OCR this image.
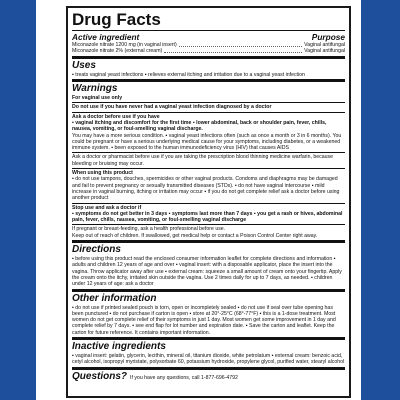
Drug Facts
Active ingredient	Purpose
Miconazole nitrate 1200 mg (in vaginal insert)	Vaginal antifungal
Miconazole nitrate 2% (external cream)	Vaginal antifungal
Uses

▪ treats vaginal yeast infections ▪ relieves external itching and irritation due to a vaginal yeast infection

Warnings

For vaginal use only

Do not use if you have never had a vaginal yeast infection diagnosed by a doctor

Ask a doctor before use if you have

▪ vaginal itching and discomfort for the first time ▪ lower abdominal, back or shoulder pain, fever, chills, nausea, vomiting, or foul-smelling vaginal discharge.

You may have a more serious condition. ▪ vaginal yeast infections often (such as once a month or 3 in 6 months). You could be pregnant or have a serious underlying medical cause for your symptoms, including diabetes, or a weakened immune system. ▪ been exposed to the human immunodeficiency virus (HIV) that causes AIDS

Ask a doctor or pharmacist before use if you are taking the prescription blood thinning medicine warfarin, because bleeding or bruising may occur.

When using this product

▪ do not use tampons, douches, spermicides or other vaginal products. Condoms and diaphragms may be damaged and fail to prevent pregnancy or sexually transmitted diseases (STDs). ▪ do not have vaginal intercourse ▪ mild increase in vaginal burning, itching or irritation may occur ▪ if you do not get complete relief ask a doctor before using another product

Stop use and ask a doctor if

▪ symptoms do not get better in 3 days ▪ symptoms last more than 7 days ▪ you get a rash or hives, abdominal pain, fever, chills, nausea, vomiting, or foul-smelling vaginal discharge

If pregnant or breast-feeding, ask a health professional before use.

Keep out of reach of children. If swallowed, get medical help or contact a Poison Control Center right away.

Directions

▪ before using this product read the enclosed consumer information leaflet for complete directions and information ▪ adults and children 12 years of age and over ▪ vaginal insert: with a disposable applicator, place the insert into the vagina. Throw applicator away after use ▪ external cream: squeeze a small amount of cream onto your fingertip. Apply the cream onto the itchy, irritated skin outside the vagina. Use 2 times daily for up to 7 days, as needed. ▪ children under 12 years of age: ask a doctor

Other information

▪ do not use if printed sealed pouch is torn, open or incompletely sealed ▪ do not use if seal over tube opening has been punctured ▪ do not purchase if carton is open ▪ store at 20°-25°C (68°-77°F) ▪ this is a 1-dose treatment. Most women do not get complete relief of their symptoms in just 1 day. Most women get some improvement in 1 day and complete relief by 7 days. ▪ see end flap for lot number and expiration date. ▪ Save the carton and leaflet. Keep the carton for future reference. It contains important information.

Inactive ingredients

▪ vaginal insert: gelatin, glycerin, lecithin, mineral oil, titanium dioxide, white petrolatum ▪ external cream: benzoic acid, cetyl alcohol, isopropyl myristate, polysorbate 60, potassium hydroxide, propylene glycol, purified water, stearyl alcohol

Questions? If you have any questions, call 1-877-696-4792
